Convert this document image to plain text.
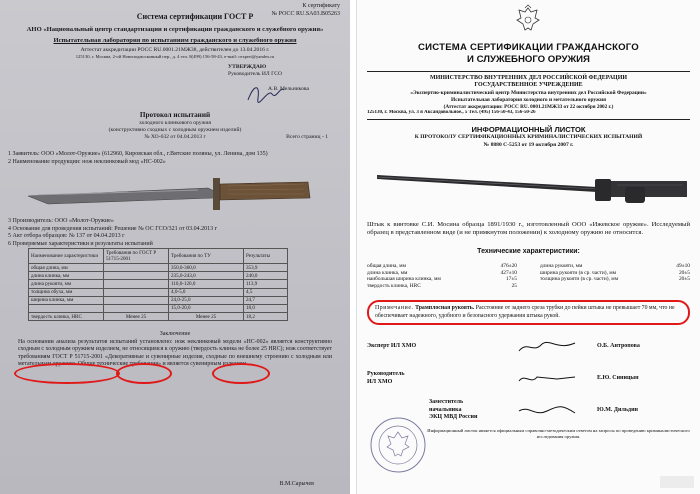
К сертификату
№ РОСС RU.SA03.В05263
Система сертификации ГОСТ Р
АНО «Национальный центр стандартизации и сертификации гражданского и служебного оружия»
Испытательная лаборатория по испытаниям гражданского и служебного оружия
Аттестат аккредитации РОСС RU.0001.21МЖ38, действителен до 13.04.2016 г.
125130, г. Москва, 2-ой Новоподмосковный пер., д. 4 тел. 8(499) 156-58-43, e-mail: cexpert@yandex.ru
УТВЕРЖДАЮ
Руководитель ИЛ ГСО
А.В. Мельникова
Протокол испытаний
холодного клинкового оружия
(конструктивно сходных с холодным оружием изделий)
№ ХО-632 от 04.04.2013 г	Всего страниц - 1
1 Заявитель: ООО «Молот-Оружие» (612960, Кировская обл., г.Вятские поляны, ул. Ленина, дом 135)
2 Наименование продукции: нож неклинковый мод «НС-002»
3 Производитель: ООО «Молот-Оружие»
4 Основание для проведения испытаний: Решение № ОС ГСО/321 от 03.04.2013 г
5 Акт отбора образцов: № 137 от 04.04.2013 г
6 Проверяемые характеристики и результаты испытаний
Наименование характеристики	Требования по ГОСТ Р 51715-2001	Требования по ТУ	Результаты
общая длина, мм		350,0-360,0	353,9
длина клинка, мм		235,0-243,0	240,0
длина рукояти, мм		110,0-120,0	113,9
толщина обуха, мм		4,0-5,0	4,5
ширина клинка, мм		24,0-25,0	24,7
		15,0-20,0	18,0
твердость клинка, HRC	Менее 25	Менее 25	18,2
Заключение
На основании анализа результатов испытаний установлено: нож неклинковый модели «НС-002» является конструктивно сходным с холодным оружием изделием, не относящимся к оружию (твердость клинка не более 25 HRC); нож соответствует требованиям ГОСТ Р 51715-2001 «Декоративные и сувенирные изделия, сходные по внешнему строению с холодным или метательным оружием. Общие технические требования» и является сувенирным изделием.
В.М.Сарычев
СИСТЕМА СЕРТИФИКАЦИИ ГРАЖДАНСКОГО
И СЛУЖЕБНОГО ОРУЖИЯ
МИНИСТЕРСТВО ВНУТРЕННИХ ДЕЛ РОССИЙСКОЙ ФЕДЕРАЦИИ
ГОСУДАРСТВЕННОЕ УЧРЕЖДЕНИЕ
«Экспертно-криминалистический центр Министерства внутренних дел Российской Федерации»
Испытательная лаборатория холодного и метательного оружия
(Аттестат аккредитации: РОСС RU. 0001.21МЖ33 от 22 октября 2002 г.)
125130, г. Москва, ул. 3 я Аксандовольное., 5 Тел. (495) 156-50-43, 156-50-26
ИНФОРМАЦИОННЫЙ ЛИСТОК
К ПРОТОКОЛУ СЕРТИФИКАЦИОННЫХ КРИМИНАЛИСТИЧЕСКИХ ИСПЫТАНИЙ
№ 8880 С-5253 от 19 октября 2007 г.
Штык к винтовке С.И. Мосина образца 1891/1930 г., изготовленный ООО «Ижевское оружие». Исследуемый образец в представленном виде (и не примкнутом положении) к холодному оружию не относится.
Технические характеристики:
общая длина, мм	476±20
длина клинка, мм	427±10
наибольшая ширина клинка, мм	17±5
твердость клинка, HRC	25
длина рукояти, мм	49±10
ширина рукояти (в ср. части), мм	20±5
толщина рукояти (в ср. части), мм	20±5
Примечание. Трамплосная рукоять. Расстояние от заднего среза трубки до пейки штыка не превышает 70 мм, что не обеспечивает надежного, удобного и безопасного удержания штыка рукой.
Эксперт ИЛ ХМО	О.Б. Антропова
Руководитель
ИЛ ХМО
Е.Ю. Синицын
Заместитель
начальника
ЭКЦ МВД России
Ю.М. Дильдин
Информационный листок является официальным справочно-методическим ответом на запросы по проведению криминалистического исследования оружия.
